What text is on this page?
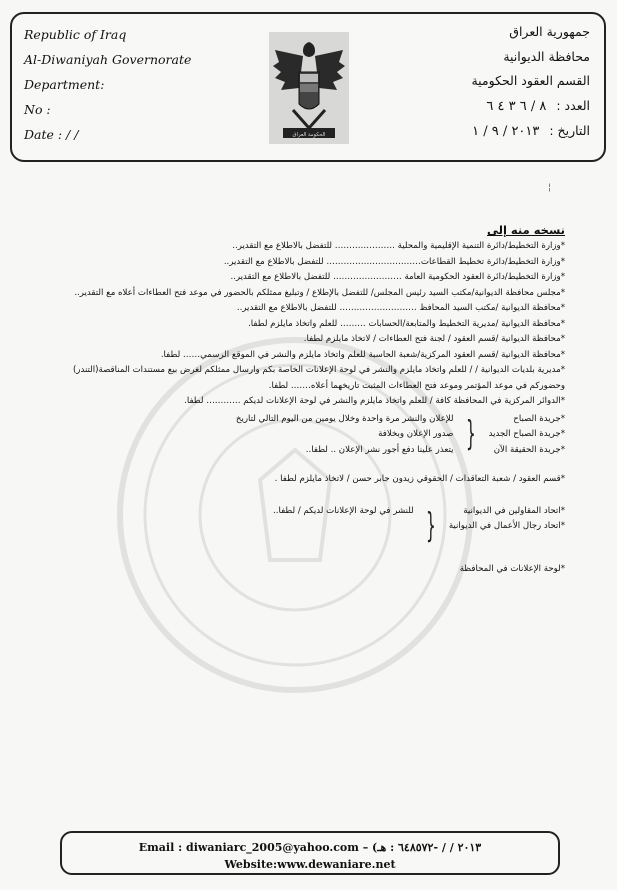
Republic of Iraq
Al-Diwaniyah Governorate
Department:
No :
Date : / /	الحكومة العراق
جمهورية العراق
محافظة الديوانية
القسم العقود الحكومية
العدد : ٨ / ٦ ٣ ٤ ٦
التاريخ : ٢٠١٣ / ٩ / ١
¦
نسخه منه إلى
*وزارة التخطيط/دائرة التنمية الإقليمية والمحلية ………………… للتفضل بالاطلاع مع التقدير..
*وزارة التخطيط/دائرة تخطيط القطاعات…………………………… للتفضل بالاطلاع مع التقدير..
*وزارة التخطيط/دائرة العقود الحكومية العامة …………………… للتفضل بالاطلاع مع التقدير..
*مجلس محافظة الديوانية/مكتب السيد رئيس المجلس/ للتفضل بالإطلاع / وتبليغ ممثلكم بالحضور في موعد فتح العطاءات أعلاه مع التقدير..
*محافظة الديوانية /مكتب السيد المحافظ ……………………… للتفضل بالاطلاع مع التقدير..
*محافظة الديوانية /مديرية التخطيط والمتابعة/الحسابات ……… للعلم واتخاذ مايلزم لطفا.
*محافظة الديوانية /قسم العقود / لجنة فتح العطاءات / لاتخاذ مايلزم لطفا.
*محافظة الديوانية /قسم العقود المركزية/شعبة الحاسبة للعلم واتخاذ مايلزم والنشر في الموقع الرسمي…… لطفا.
*مديرية بلديات الديوانية / / للعلم واتخاذ مايلزم والنشر في لوحة الإعلانات الخاصة بكم وارسال ممثلكم لغرض بيع مستندات المناقصة(التندر) وحضوركم في موعد المؤتمر وموعد فتح العطاءات المثبت تاريخهما أعلاه……. لطفا.
*الدوائر المركزية في المحافظة كافة / للعلم واتخاذ مايلزم والنشر في لوحة الإعلانات لديكم ………… لطفا.
*جريدة الصباح
*جريدة الصباح الجديد
*جريدة الحقيقة الآن
{
للإعلان والنشر مرة واحدة وخلال يومين من اليوم التالي لتاريخ صدور الإعلان وبخلافة
يتعذر علينا دفع أجور نشر الإعلان .. لطفا..
*قسم العقود / شعبة التعاقدات / الحقوقي زيدون جابر حسن / لاتخاذ مايلزم لطفا .
*اتحاد المقاولين في الديوانية
*اتحاد رجال الأعمال في الديوانية
{ للنشر في لوحة الإعلانات لديكم / لطفا..
*لوحة الإعلانات في المحافظة
Email : diwaniarc_2005@yahoo.com – (٢٠١٣ / / -٦٤٨٥٧٢ : هـ
Website:www.dewaniare.net
